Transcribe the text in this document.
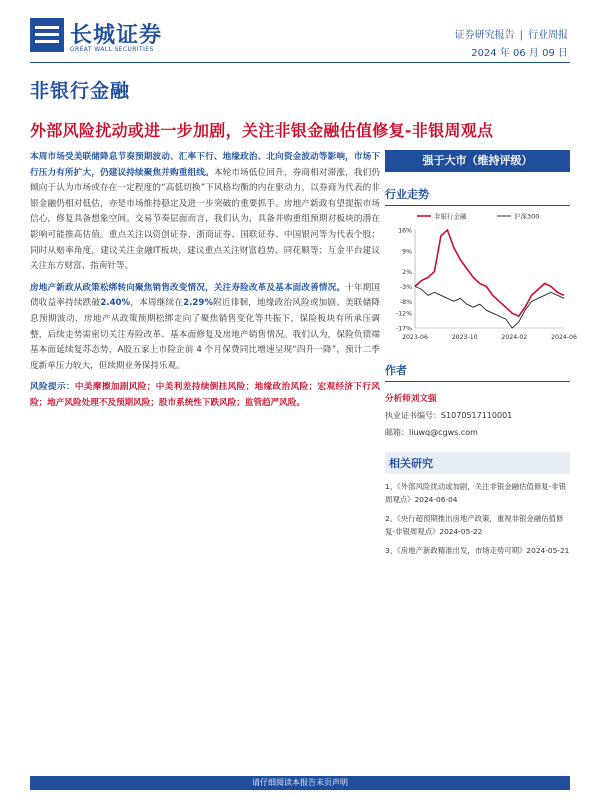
长城证券
GREAT WALL SECURITIES
证券研究报告 | 行业周报
2024 年 06 月 09 日
非银行金融
外部风险扰动或进一步加剧，关注非银金融估值修复-非银周观点

本周市场受美联储降息节奏预期波动、汇率下行、地缘政治、北向资金波动等影响，市场下行压力有所扩大，仍建议持续聚焦并购重组线。本轮市场低位回升，券商相对滞涨，我们仍倾向于认为市场或存在一定程度的“高低切换”下风格均衡的内在驱动力，以券商为代表的非银金融仍相对低估，亦是市场维持稳定及进一步突破的重要抓手。房地产新政有望提振市场信心，修复具备想象空间。交易节奏层面而言，我们认为，具备并购重组预期对板块的潜在影响可能推高估值。重点关注以资创证券、浙商证券、国联证券、中国银河等为代表个股；同时从赔率角度，建议关注金融IT板块，建议重点关注财富趋势、同花顺等；互金平台建议关注东方财富、指南针等。

房地产新政从政策松绑转向聚焦销售改变情况，关注寿险改革及基本面改善情况。十年期国债收益率持续跌破2.40%，本周继续在2.29%附近徘徊，地缘政治风险或加剧、美联储降息预期波动、房地产从政策预期松绑走向了聚焦销售变化等共振下，保险板块有所承压调整，后续走势需密切关注寿险改革、基本面修复及房地产销售情况。我们认为，保险负债端基本面延续复苏态势，A股五家上市险企前 4 个月保费同比增速呈现“四升一降”，预计二季度新单压力较大，但续期业务保持乐观。

风险提示：中美摩擦加剧风险；中美利差持续倒挂风险；地缘政治风险；宏观经济下行风险；地产风险处理不及预期风险；股市系统性下跌风险；监管趋严风险。

强于大市（维持评级）
行业走势
16%
9%
2%
-3%
-8%
-12%
-17%
2023-06	2023-10	2024-02	2024-06
非银行金融	沪深300
作者
分析师刘文强
执业证书编号：S1070517110001
邮箱：liuwq@cgws.com
相关研究
1、《外部风险扰动或加剧，关注非银金融估值修复-非银周观点》2024-06-04
2、《央行超预期推出房地产政策，重视非银金融估值修复-非银周观点》2024-05-22
3、《房地产新政精准出发，市场走势可期》2024-05-21
请仔细阅读本报告末页声明
